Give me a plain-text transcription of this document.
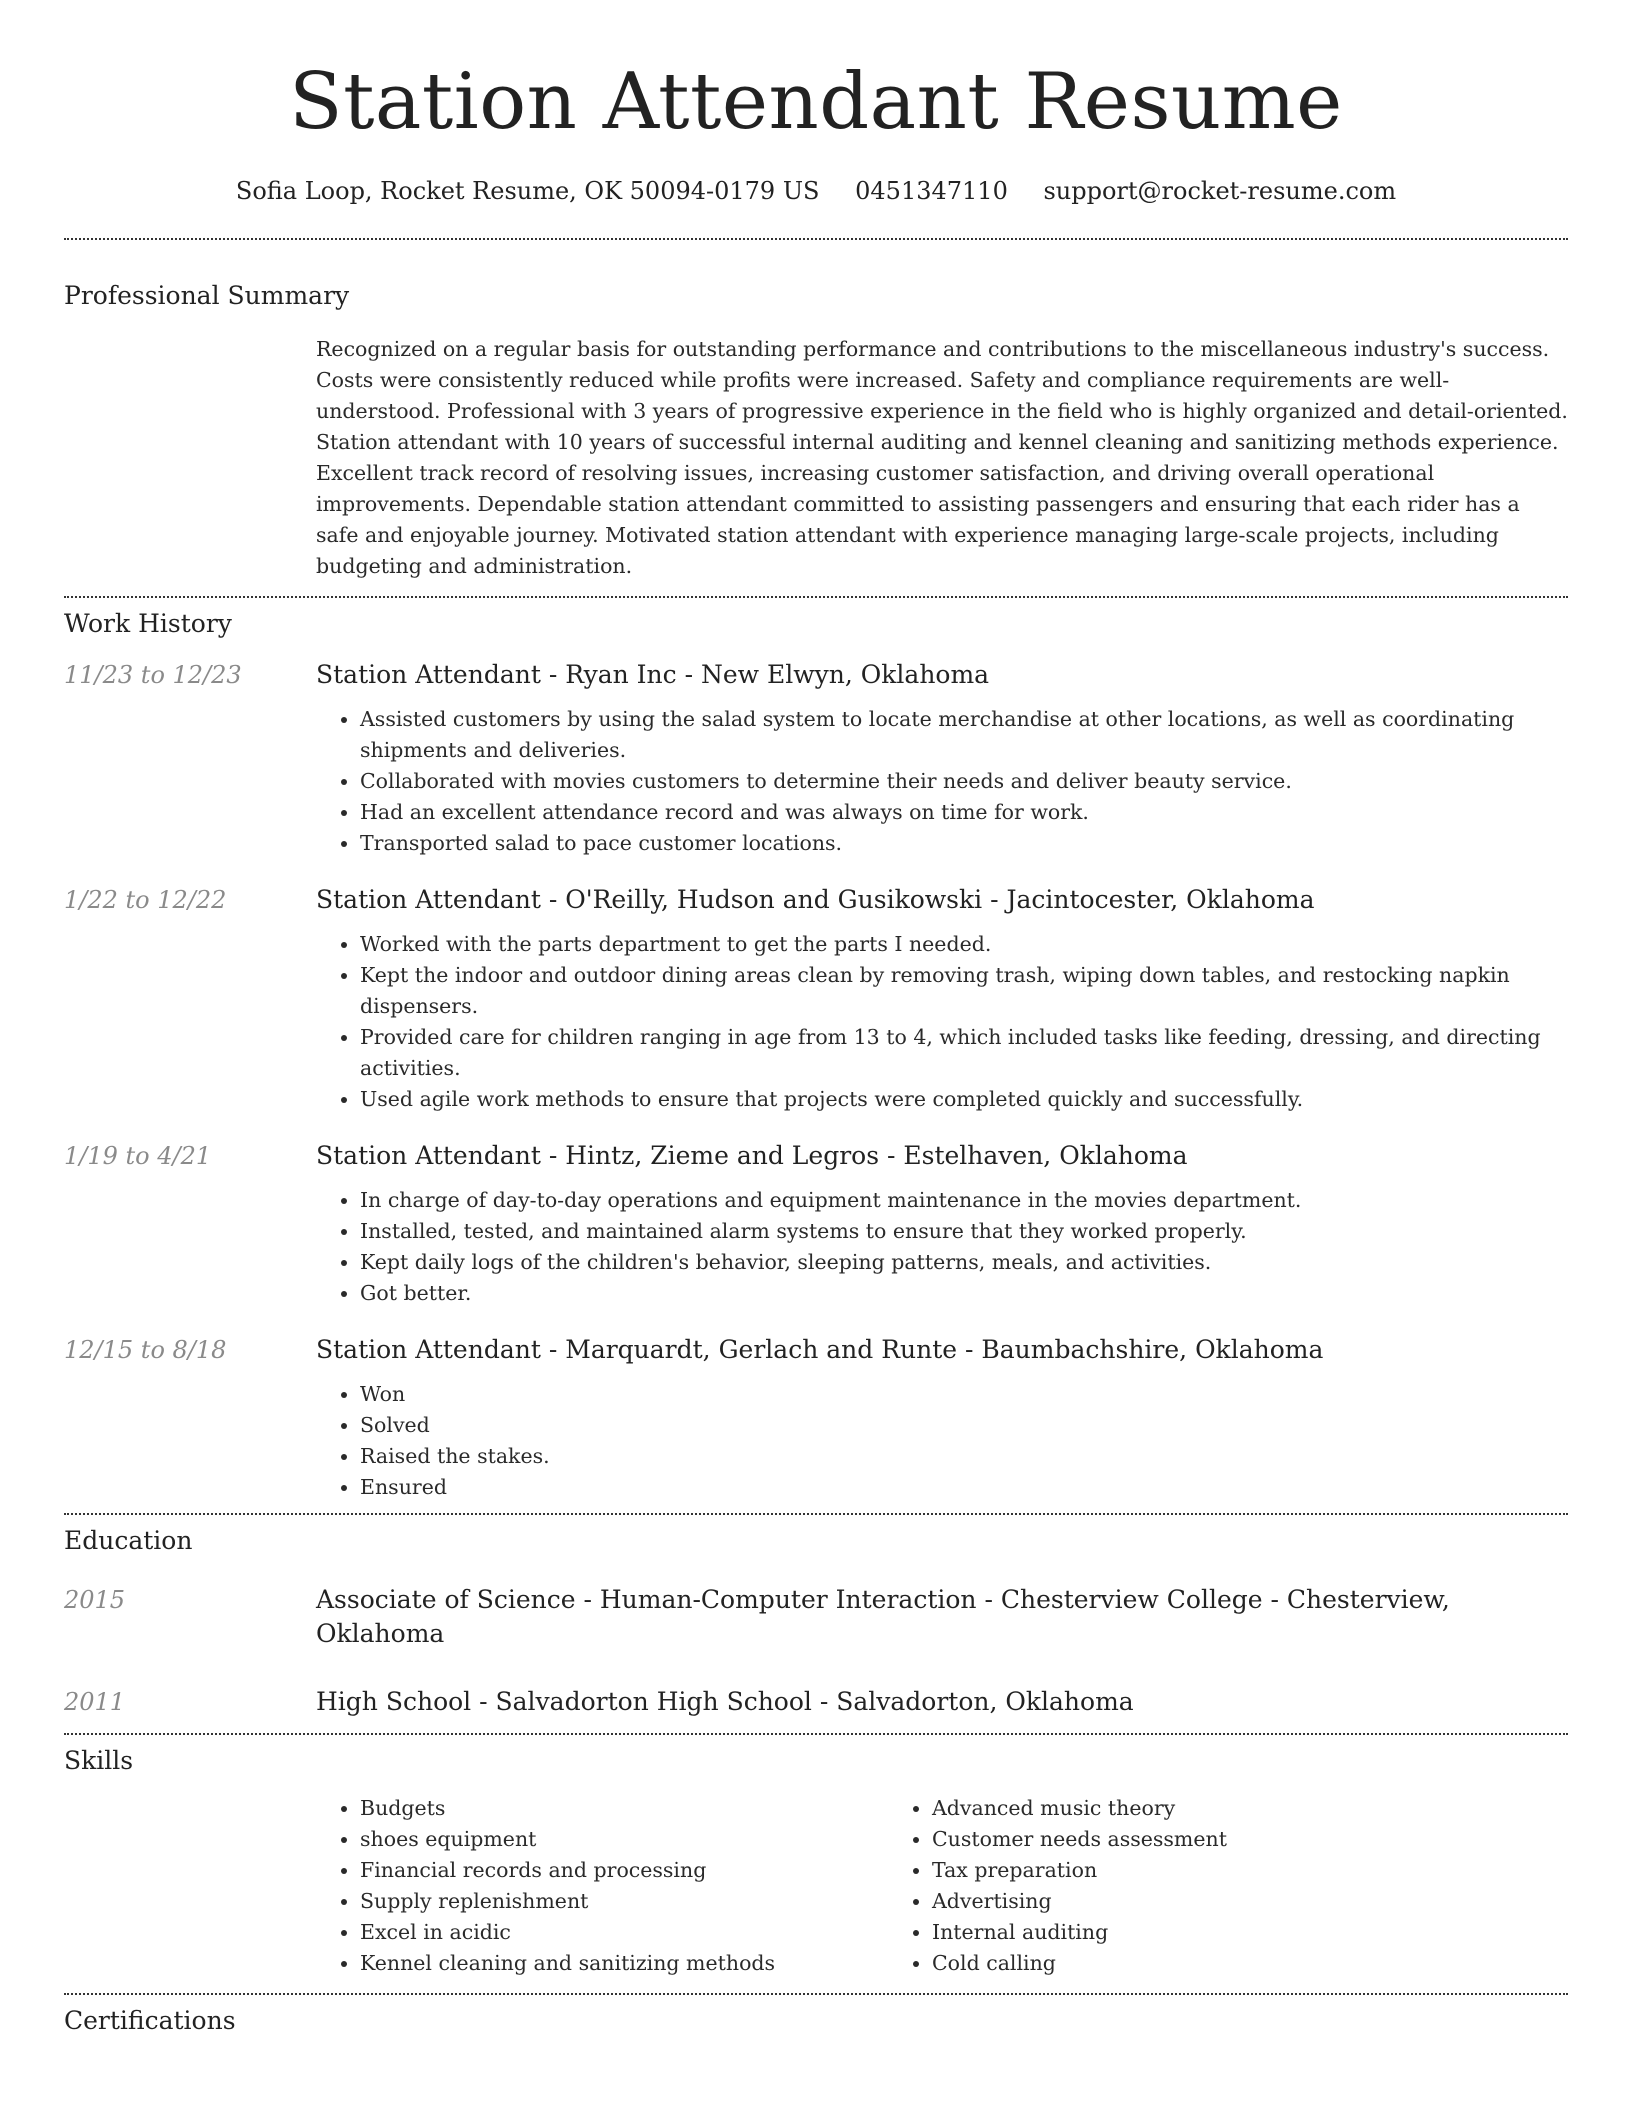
Station Attendant Resume
Sofia Loop, Rocket Resume, OK 50094-0179 US 0451347110 support@rocket-resume.com
Professional Summary
Recognized on a regular basis for outstanding performance and contributions to the miscellaneous industry's success. Costs were consistently reduced while profits were increased. Safety and compliance requirements are well-understood. Professional with 3 years of progressive experience in the field who is highly organized and detail-oriented. Station attendant with 10 years of successful internal auditing and kennel cleaning and sanitizing methods experience. Excellent track record of resolving issues, increasing customer satisfaction, and driving overall operational improvements. Dependable station attendant committed to assisting passengers and ensuring that each rider has a safe and enjoyable journey. Motivated station attendant with experience managing large-scale projects, including budgeting and administration.
Work History
11/23 to 12/23	Station Attendant - Ryan Inc - New Elwyn, Oklahoma
• Assisted customers by using the salad system to locate merchandise at other locations, as well as coordinating shipments and deliveries.
• Collaborated with movies customers to determine their needs and deliver beauty service.
• Had an excellent attendance record and was always on time for work.
• Transported salad to pace customer locations.
1/22 to 12/22	Station Attendant - O'Reilly, Hudson and Gusikowski - Jacintocester, Oklahoma
• Worked with the parts department to get the parts I needed.
• Kept the indoor and outdoor dining areas clean by removing trash, wiping down tables, and restocking napkin dispensers.
• Provided care for children ranging in age from 13 to 4, which included tasks like feeding, dressing, and directing activities.
• Used agile work methods to ensure that projects were completed quickly and successfully.
1/19 to 4/21	Station Attendant - Hintz, Zieme and Legros - Estelhaven, Oklahoma
• In charge of day-to-day operations and equipment maintenance in the movies department.
• Installed, tested, and maintained alarm systems to ensure that they worked properly.
• Kept daily logs of the children's behavior, sleeping patterns, meals, and activities.
• Got better.
12/15 to 8/18	Station Attendant - Marquardt, Gerlach and Runte - Baumbachshire, Oklahoma
• Won
• Solved
• Raised the stakes.
• Ensured
Education
2015	Associate of Science - Human-Computer Interaction - Chesterview College - Chesterview, Oklahoma
2011	High School - Salvadorton High School - Salvadorton, Oklahoma
Skills
• Budgets
• shoes equipment
• Financial records and processing
• Supply replenishment
• Excel in acidic
• Kennel cleaning and sanitizing methods
• Advanced music theory
• Customer needs assessment
• Tax preparation
• Advertising
• Internal auditing
• Cold calling
Certifications
